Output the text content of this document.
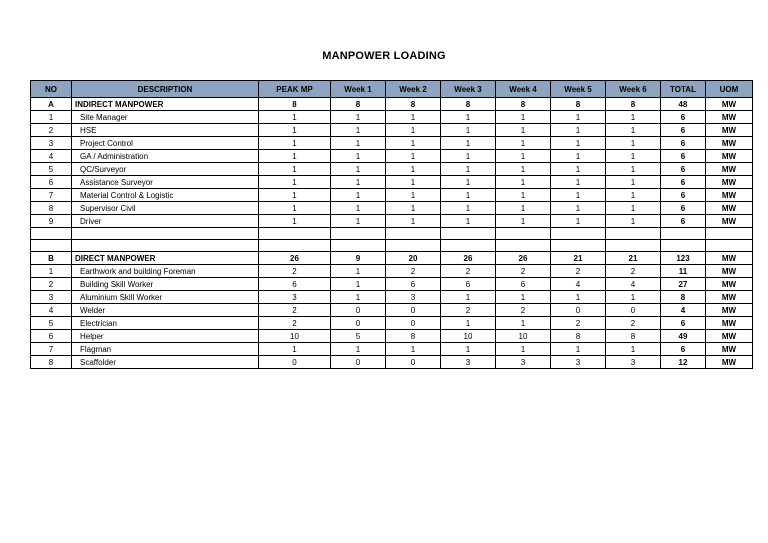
MANPOWER LOADING
NO	DESCRIPTION	PEAK MP	Week 1	Week 2	Week 3	Week 4	Week 5	Week 6	TOTAL	UOM
A	INDIRECT MANPOWER	8	8	8	8	8	8	8	48	MW
1	Site Manager	1	1	1	1	1	1	1	6	MW
2	HSE	1	1	1	1	1	1	1	6	MW
3	Project Control	1	1	1	1	1	1	1	6	MW
4	GA / Administration	1	1	1	1	1	1	1	6	MW
5	QC/Surveyor	1	1	1	1	1	1	1	6	MW
6	Assistance Surveyor	1	1	1	1	1	1	1	6	MW
7	Material Control & Logistic	1	1	1	1	1	1	1	6	MW
8	Supervisor Civil	1	1	1	1	1	1	1	6	MW
9	Driver	1	1	1	1	1	1	1	6	MW

B	DIRECT MANPOWER	26	9	20	26	26	21	21	123	MW
1	Earthwork and building Foreman	2	1	2	2	2	2	2	11	MW
2	Building Skill Worker	6	1	6	6	6	4	4	27	MW
3	Aluminium Skill Worker	3	1	3	1	1	1	1	8	MW
4	Welder	2	0	0	2	2	0	0	4	MW
5	Electrician	2	0	0	1	1	2	2	6	MW
6	Helper	10	5	8	10	10	8	8	49	MW
7	Flagman	1	1	1	1	1	1	1	6	MW
8	Scaffolder	0	0	0	3	3	3	3	12	MW
